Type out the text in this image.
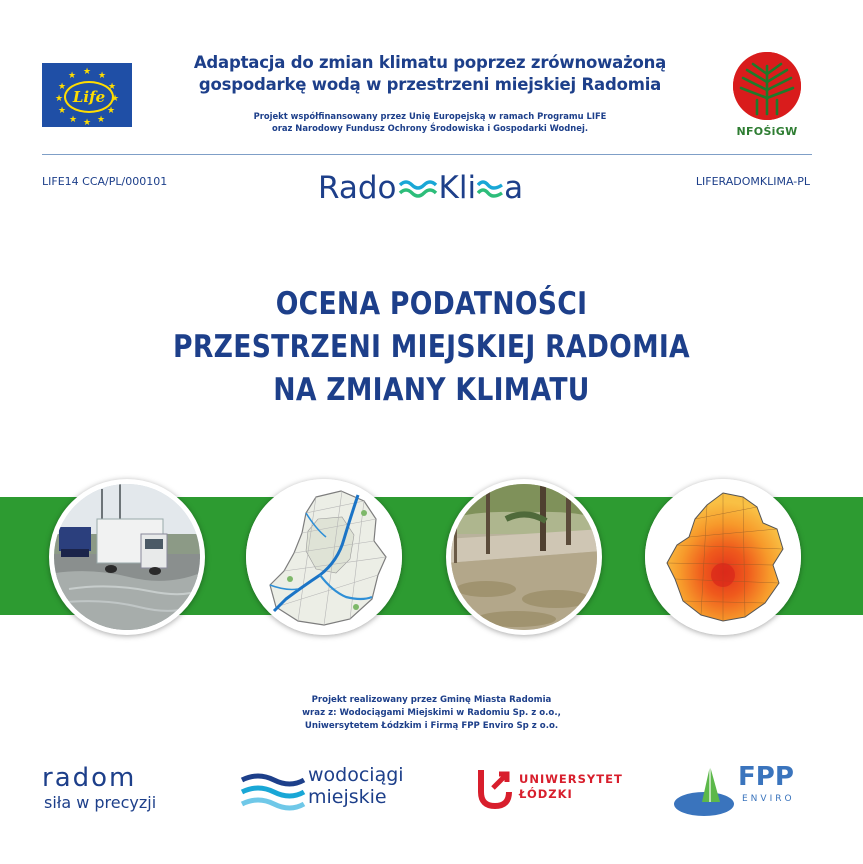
★ ★
★
★
★
★
★
★
★
★
★
★
Life
Adaptacja do zmian klimatu poprzez zrównoważoną
gospodarkę wodą w przestrzeni miejskiej Radomia
Projekt współfinansowany przez Unię Europejską w ramach Programu LIFE
oraz Narodowy Fundusz Ochrony Środowiska i Gospodarki Wodnej.	NFOŚiGW
LIFE14 CCA/PL/000101	LIFERADOMKLIMA-PL
Rado Kli a
OCENA PODATNOŚCI
PRZESTRZENI MIEJSKIEJ RADOMIA
NA ZMIANY KLIMATU
Projekt realizowany przez Gminę Miasta Radomia
wraz z: Wodociągami Miejskimi w Radomiu Sp. z o.o.,
Uniwersytetem Łódzkim i Firmą FPP Enviro Sp z o.o.
radom
siła w precyzji
wodociągi
miejskie
UNIWERSYTET
ŁÓDZKI
FPP
ENVIRO
